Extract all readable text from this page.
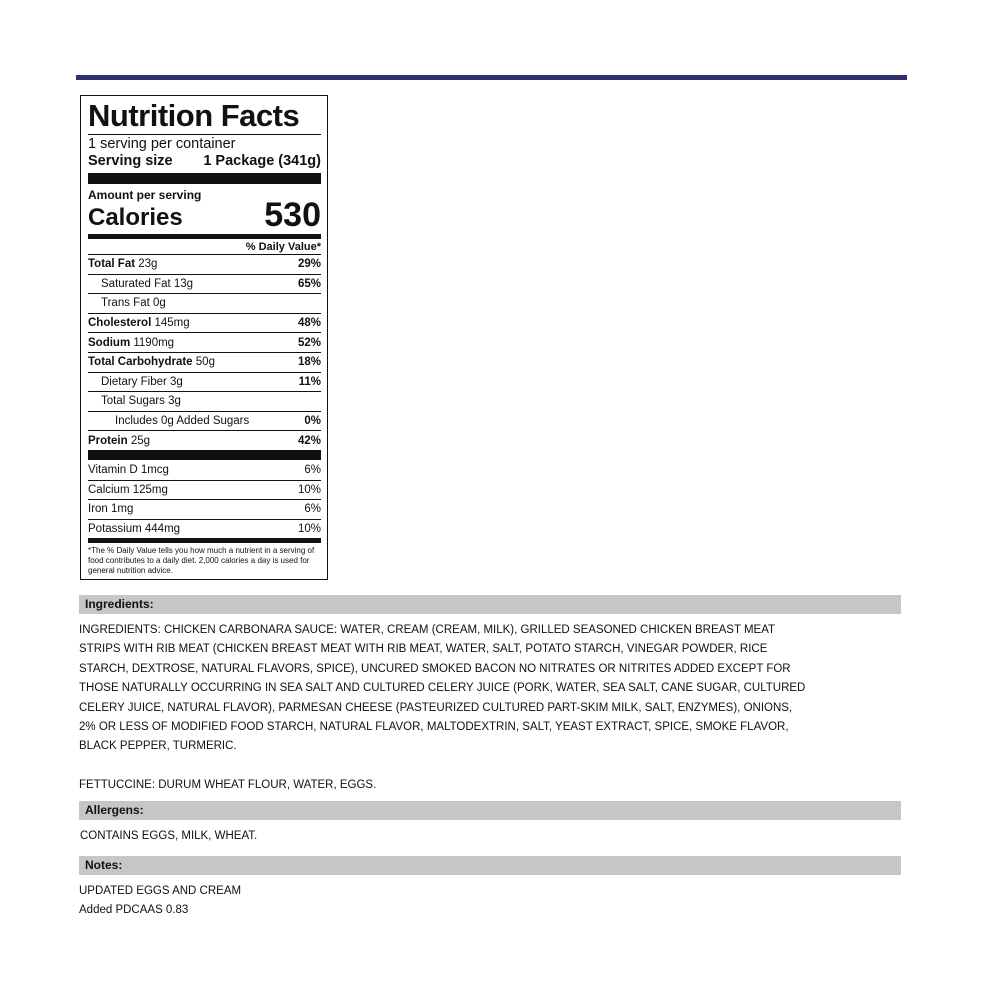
Nutrition Facts
1 serving per container
Serving size 1 Package (341g)
Amount per serving
Calories 530
% Daily Value*
Total Fat 23g	29%
Saturated Fat 13g	65%
Trans Fat 0g
Cholesterol 145mg	48%
Sodium 1190mg	52%
Total Carbohydrate 50g	18%
Dietary Fiber 3g	11%
Total Sugars 3g
Includes 0g Added Sugars	0%
Protein 25g	42%
Vitamin D 1mcg	6%
Calcium 125mg	10%
Iron 1mg	6%
Potassium 444mg	10%
*The % Daily Value tells you how much a nutrient in a serving of food contributes to a daily diet. 2,000 calories a day is used for general nutrition advice.
Ingredients:
INGREDIENTS: CHICKEN CARBONARA SAUCE: WATER, CREAM (CREAM, MILK), GRILLED SEASONED CHICKEN BREAST MEAT
STRIPS WITH RIB MEAT (CHICKEN BREAST MEAT WITH RIB MEAT, WATER, SALT, POTATO STARCH, VINEGAR POWDER, RICE
STARCH, DEXTROSE, NATURAL FLAVORS, SPICE), UNCURED SMOKED BACON NO NITRATES OR NITRITES ADDED EXCEPT FOR
THOSE NATURALLY OCCURRING IN SEA SALT AND CULTURED CELERY JUICE (PORK, WATER, SEA SALT, CANE SUGAR, CULTURED
CELERY JUICE, NATURAL FLAVOR), PARMESAN CHEESE (PASTEURIZED CULTURED PART-SKIM MILK, SALT, ENZYMES), ONIONS,
2% OR LESS OF MODIFIED FOOD STARCH, NATURAL FLAVOR, MALTODEXTRIN, SALT, YEAST EXTRACT, SPICE, SMOKE FLAVOR,
BLACK PEPPER, TURMERIC.
FETTUCCINE: DURUM WHEAT FLOUR, WATER, EGGS.
Allergens:
CONTAINS EGGS, MILK, WHEAT.
Notes:
UPDATED EGGS AND CREAM
Added PDCAAS 0.83
